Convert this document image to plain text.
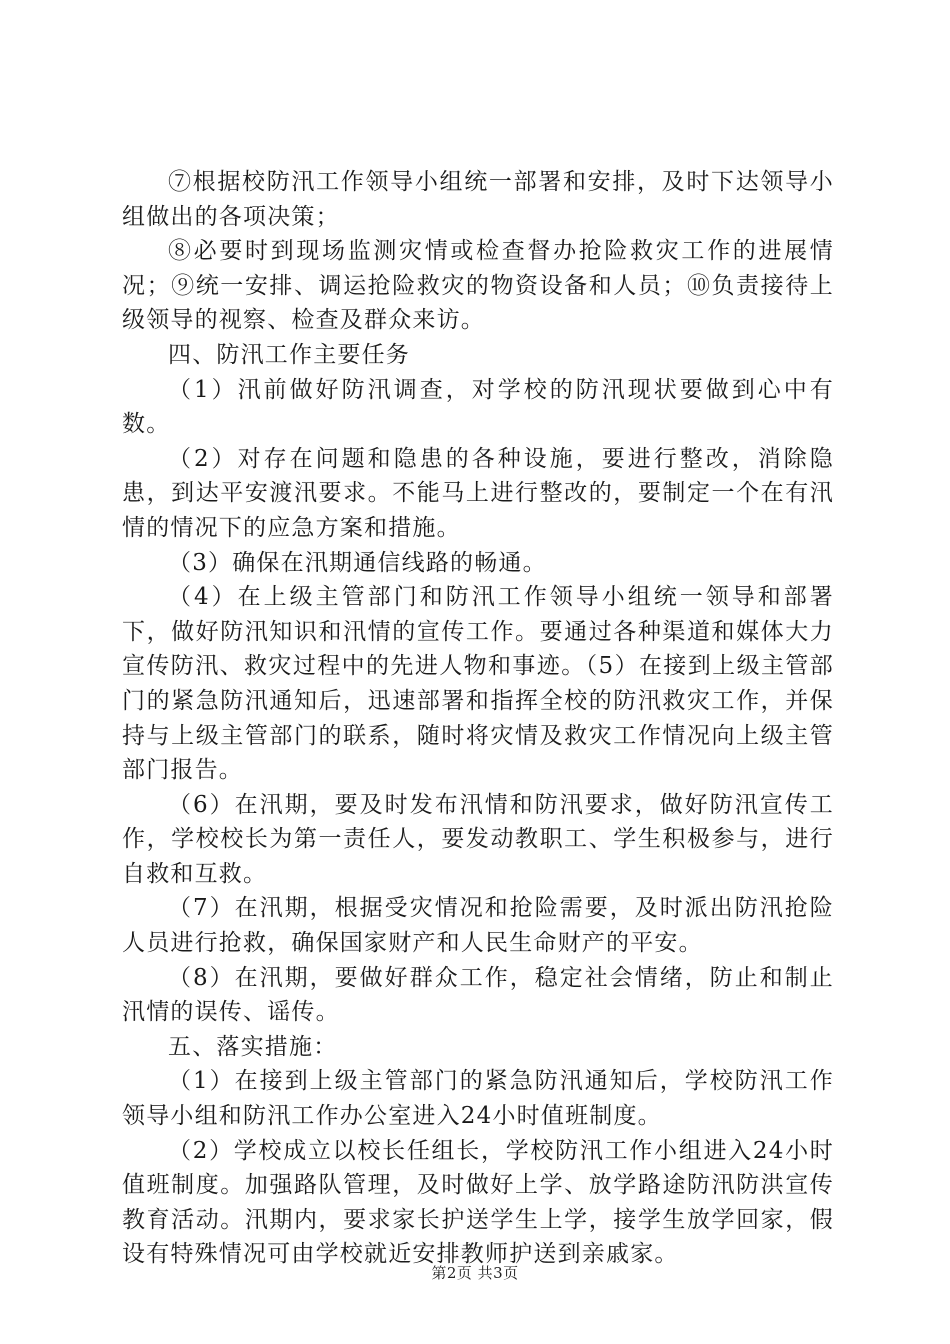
⑦根据校防汛工作领导小组统一部署和安排，及时下达领导小组做出的各项决策；

⑧必要时到现场监测灾情或检查督办抢险救灾工作的进展情况；⑨统一安排、调运抢险救灾的物资设备和人员；⑩负责接待上级领导的视察、检查及群众来访。

四、防汛工作主要任务

（1）汛前做好防汛调查，对学校的防汛现状要做到心中有数。

（2）对存在问题和隐患的各种设施，要进行整改，消除隐患，到达平安渡汛要求。不能马上进行整改的，要制定一个在有汛情的情况下的应急方案和措施。

（3）确保在汛期通信线路的畅通。

（4）在上级主管部门和防汛工作领导小组统一领导和部署下，做好防汛知识和汛情的宣传工作。要通过各种渠道和媒体大力宣传防汛、救灾过程中的先进人物和事迹。（5）在接到上级主管部门的紧急防汛通知后，迅速部署和指挥全校的防汛救灾工作，并保持与上级主管部门的联系，随时将灾情及救灾工作情况向上级主管部门报告。

（6）在汛期，要及时发布汛情和防汛要求，做好防汛宣传工作，学校校长为第一责任人，要发动教职工、学生积极参与，进行自救和互救。

（7）在汛期，根据受灾情况和抢险需要，及时派出防汛抢险人员进行抢救，确保国家财产和人民生命财产的平安。

（8）在汛期，要做好群众工作，稳定社会情绪，防止和制止汛情的误传、谣传。

五、落实措施：

（1）在接到上级主管部门的紧急防汛通知后，学校防汛工作领导小组和防汛工作办公室进入24小时值班制度。

（2）学校成立以校长任组长，学校防汛工作小组进入24小时值班制度。加强路队管理，及时做好上学、放学路途防汛防洪宣传教育活动。汛期内，要求家长护送学生上学，接学生放学回家，假设有特殊情况可由学校就近安排教师护送到亲戚家。

第2页 共3页
